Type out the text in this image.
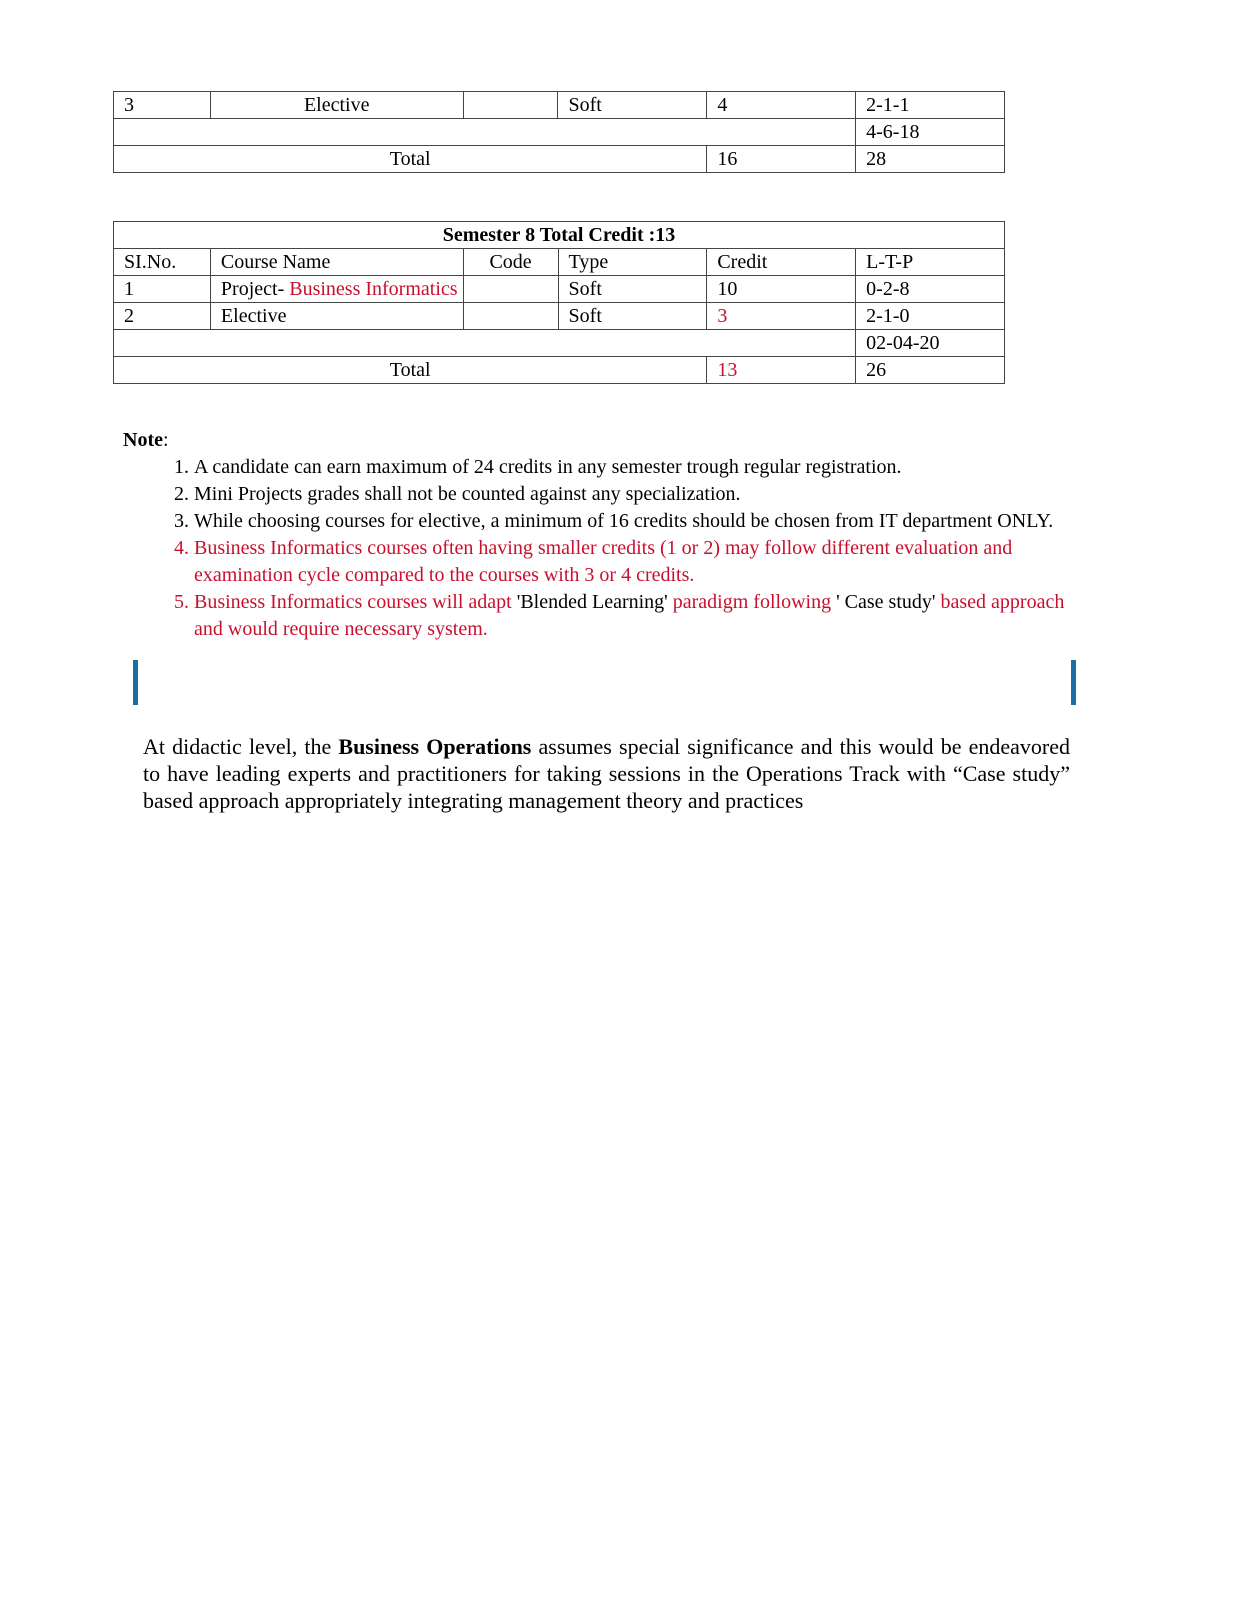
3	Elective		Soft	4	2-1-1
					4-6-18
Total				16	28
Semester 8 Total Credit :13					
SI.No.	Course Name	Code	Type	Credit	L-T-P
1	Project- Business Informatics		Soft	10	0-2-8
2	Elective		Soft	3	2-1-0
					02-04-20
Total				13	26
Note:
1. A candidate can earn maximum of 24 credits in any semester trough regular registration.
2. Mini Projects grades shall not be counted against any specialization.
3. While choosing courses for elective, a minimum of 16 credits should be chosen from IT department ONLY.
4. Business Informatics courses often having smaller credits (1 or 2) may follow different evaluation and examination cycle compared to the courses with 3 or 4 credits.
5. Business Informatics courses will adapt 'Blended Learning' paradigm following ' Case study' based approach and would require necessary system.
At didactic level, the Business Operations assumes special significance and this would be endeavored to have leading experts and practitioners for taking sessions in the Operations Track with “Case study” based approach appropriately integrating management theory and practices
